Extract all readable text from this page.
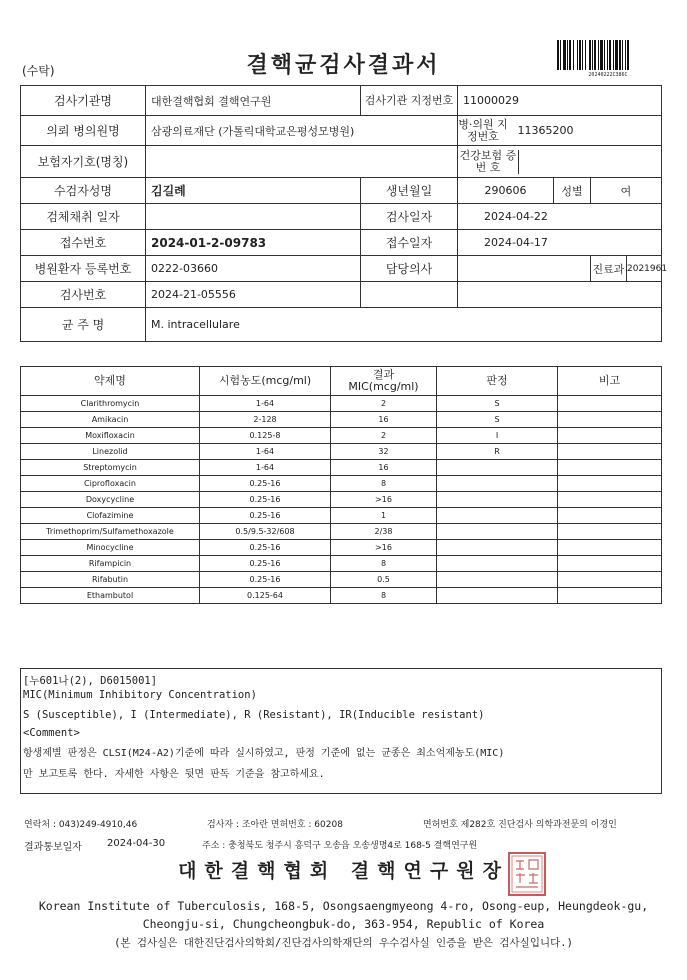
(수탁)	결핵균검사결과서	20240222C386C
검사기관명	대한결핵협회 결핵연구원	검사기관 지정번호	11000029			
의뢰 병의원명	삼광의료재단 (가톨릭대학교은평성모병원)		병·의원 지정번호 11365200			
보험자기호(명칭)			건강보험 증 번 호			
수검자성명	김길례	생년월일	290606	성별	여	
검체채취 일자		검사일자	2024-04-22			
접수번호	2024-01-2-09783	접수일자	2024-04-17			
병원환자 등록번호	0222-03660	담당의사			진료과	2021961
검사번호	2024-21-05556					
균 주 명	M. intracellulare					
약제명	시험농도(mcg/ml)	결과 MIC(mcg/ml)	판정	비고
Clarithromycin	1-64	2	S	
Amikacin	2-128	16	S	
Moxifloxacin	0.125-8	2	I	
Linezolid	1-64	32	R	
Streptomycin	1-64	16		
Ciprofloxacin	0.25-16	8		
Doxycycline	0.25-16	>16		
Clofazimine	0.25-16	1		
Trimethoprim/Sulfamethoxazole	0.5/9.5-32/608	2/38		
Minocycline	0.25-16	>16		
Rifampicin	0.25-16	8		
Rifabutin	0.25-16	0.5		
Ethambutol	0.125-64	8		
[누601나(2), D6015001]
MIC(Minimum Inhibitory Concentration)
S (Susceptible), I (Intermediate), R (Resistant), IR(Inducible resistant)
<Comment>
항생제별 판정은 CLSI(M24-A2)기준에 따라 실시하였고, 판정 기준에 없는 균종은 최소억제농도(MIC)
만 보고토록 한다. 자세한 사항은 뒷면 판독 기준을 참고하세요.
연락처 : 043)249-4910,46	검사자 : 조아란 면허번호 : 60208	면허번호 제282호 진단검사 의학과전문의 이경인
결과통보일자	2024-04-30	주소 : 충청북도 청주시 흥덕구 오송읍 오송생명4로 168-5 결핵연구원
대한결핵협회 결핵연구원장
Korean Institute of Tuberculosis, 168-5, Osongsaengmyeong 4-ro, Osong-eup, Heungdeok-gu,
Cheongju-si, Chungcheongbuk-do, 363-954, Republic of Korea
(본 검사실은 대한진단검사의학회/진단검사의학재단의 우수검사실 인증을 받은 검사실입니다.)
